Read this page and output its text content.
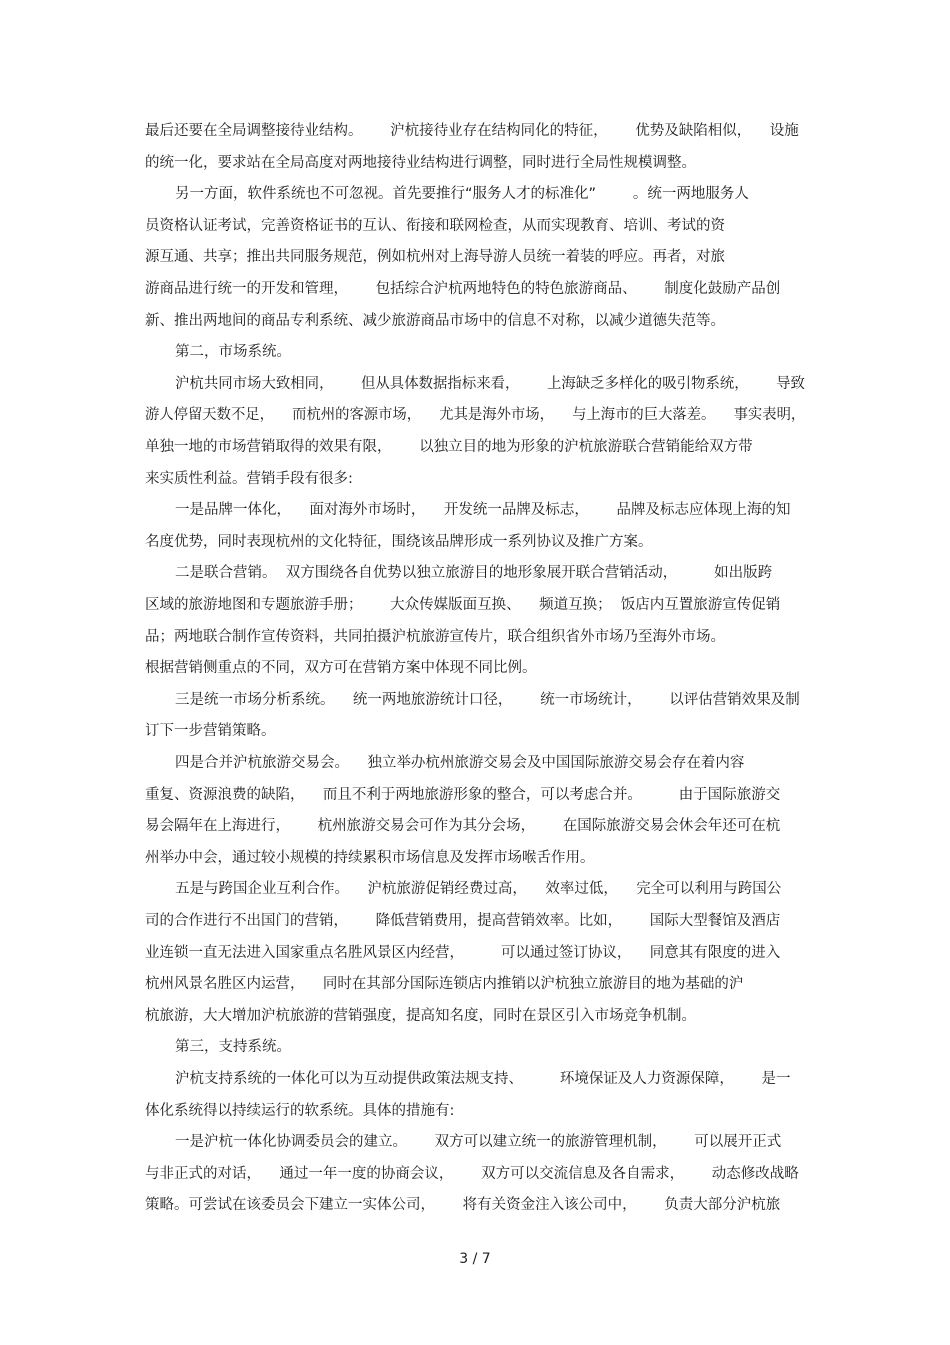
最后还要在全局调整接待业结构。      沪杭接待业存在结构同化的特征，      优势及缺陷相似，    设施
的统一化，要求站在全局高度对两地接待业结构进行调整，同时进行全局性规模调整。
另一方面，软件系统也不可忽视。首先要推行“服务人才的标准化”        。统一两地服务人
员资格认证考试，完善资格证书的互认、衔接和联网检查，从而实现教育、培训、考试的资
源互通、共享；推出共同服务规范，例如杭州对上海导游人员统一着装的呼应。再者，对旅
游商品进行统一的开发和管理，      包括综合沪杭两地特色的特色旅游商品、      制度化鼓励产品创
新、推出两地间的商品专利系统、减少旅游商品市场中的信息不对称，以减少道德失范等。
第二，市场系统。
沪杭共同市场大致相同，      但从具体数据指标来看，      上海缺乏多样化的吸引物系统，      导致
游人停留天数不足，    而杭州的客源市场，    尤其是海外市场，    与上海市的巨大落差。    事实表明，
单独一地的市场营销取得的效果有限，      以独立目的地为形象的沪杭旅游联合营销能给双方带
来实质性利益。营销手段有很多:
一是品牌一体化，    面对海外市场时，    开发统一品牌及标志，      品牌及标志应体现上海的知
名度优势，同时表现杭州的文化特征，围绕该品牌形成一系列协议及推广方案。
二是联合营销。  双方围绕各自优势以独立旅游目的地形象展开联合营销活动，        如出版跨
区域的旅游地图和专题旅游手册；      大众传媒版面互换、    频道互换；  饭店内互置旅游宣传促销
品；两地联合制作宣传资料，共同拍摄沪杭旅游宣传片，联合组织省外市场乃至海外市场。
根据营销侧重点的不同，双方可在营销方案中体现不同比例。
三是统一市场分析系统。    统一两地旅游统计口径，      统一市场统计，      以评估营销效果及制
订下一步营销策略。
四是合并沪杭旅游交易会。    独立举办杭州旅游交易会及中国国际旅游交易会存在着内容
重复、资源浪费的缺陷，    而且不利于两地旅游形象的整合，可以考虑合并。        由于国际旅游交
易会隔年在上海进行，      杭州旅游交易会可作为其分会场，      在国际旅游交易会休会年还可在杭
州举办中会，通过较小规模的持续累积市场信息及发挥市场喉舌作用。
五是与跨国企业互利合作。    沪杭旅游促销经费过高，    效率过低，    完全可以利用与跨国公
司的合作进行不出国门的营销，      降低营销费用，提高营销效率。比如，      国际大型餐馆及酒店
业连锁一直无法进入国家重点名胜风景区内经营，        可以通过签订协议，    同意其有限度的进入
杭州风景名胜区内运营，    同时在其部分国际连锁店内推销以沪杭独立旅游目的地为基础的沪
杭旅游，大大增加沪杭旅游的营销强度，提高知名度，同时在景区引入市场竞争机制。
第三，支持系统。
沪杭支持系统的一体化可以为互动提供政策法规支持、        环境保证及人力资源保障，      是一
体化系统得以持续运行的软系统。具体的措施有:
一是沪杭一体化协调委员会的建立。      双方可以建立统一的旅游管理机制，      可以展开正式
与非正式的对话，    通过一年一度的协商会议，      双方可以交流信息及各自需求，      动态修改战略
策略。可尝试在该委员会下建立一实体公司，      将有关资金注入该公司中，      负责大部分沪杭旅
3 / 7
